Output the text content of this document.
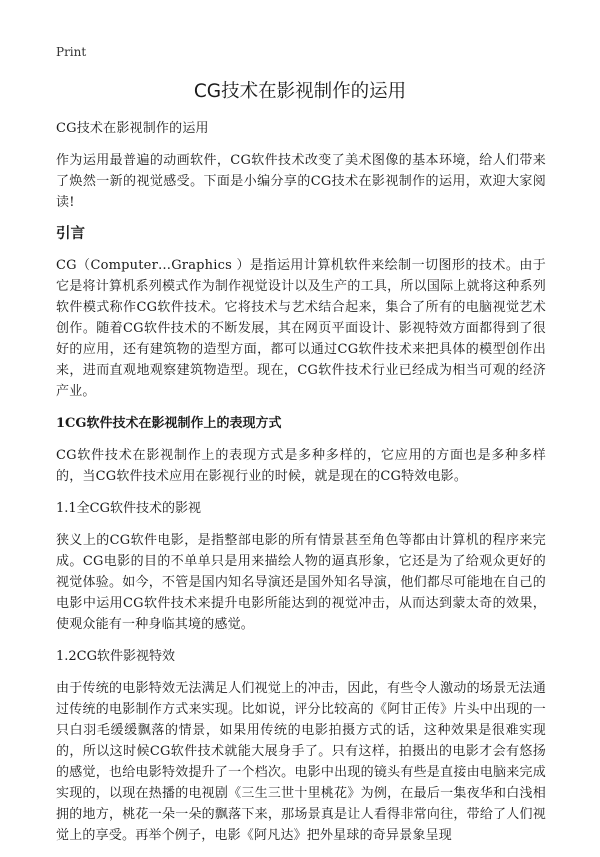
Print
CG技术在影视制作的运用

CG技术在影视制作的运用

作为运用最普遍的动画软件，CG软件技术改变了美术图像的基本环境，给人们带来了焕然一新的视觉感受。下面是小编分享的CG技术在影视制作的运用，欢迎大家阅读!

引言

CG（Computer…Graphics ）是指运用计算机软件来绘制一切图形的技术。由于它是将计算机系列模式作为制作视觉设计以及生产的工具，所以国际上就将这种系列软件模式称作CG软件技术。它将技术与艺术结合起来，集合了所有的电脑视觉艺术创作。随着CG软件技术的不断发展，其在网页平面设计、影视特效方面都得到了很好的应用，还有建筑物的造型方面，都可以通过CG软件技术来把具体的模型创作出来，进而直观地观察建筑物造型。现在，CG软件技术行业已经成为相当可观的经济产业。

1CG软件技术在影视制作上的表现方式

CG软件技术在影视制作上的表现方式是多种多样的，它应用的方面也是多种多样的，当CG软件技术应用在影视行业的时候，就是现在的CG特效电影。

1.1全CG软件技术的影视

狭义上的CG软件电影，是指整部电影的所有情景甚至角色等都由计算机的程序来完成。CG电影的目的不单单只是用来描绘人物的逼真形象，它还是为了给观众更好的视觉体验。如今，不管是国内知名导演还是国外知名导演，他们都尽可能地在自己的电影中运用CG软件技术来提升电影所能达到的视觉冲击，从而达到蒙太奇的效果，使观众能有一种身临其境的感觉。

1.2CG软件影视特效

由于传统的电影特效无法满足人们视觉上的冲击，因此，有些令人激动的场景无法通过传统的电影制作方式来实现。比如说，评分比较高的《阿甘正传》片头中出现的一只白羽毛缓缓飘落的情景，如果用传统的电影拍摄方式的话，这种效果是很难实现的，所以这时候CG软件技术就能大展身手了。只有这样，拍摄出的电影才会有悠扬的感觉，也给电影特效提升了一个档次。电影中出现的镜头有些是直接由电脑来完成实现的，以现在热播的电视剧《三生三世十里桃花》为例，在最后一集夜华和白浅相拥的地方，桃花一朵一朵的飘落下来，那场景真是让人看得非常向往，带给了人们视觉上的享受。再举个例子，电影《阿凡达》把外星球的奇异景象呈现
